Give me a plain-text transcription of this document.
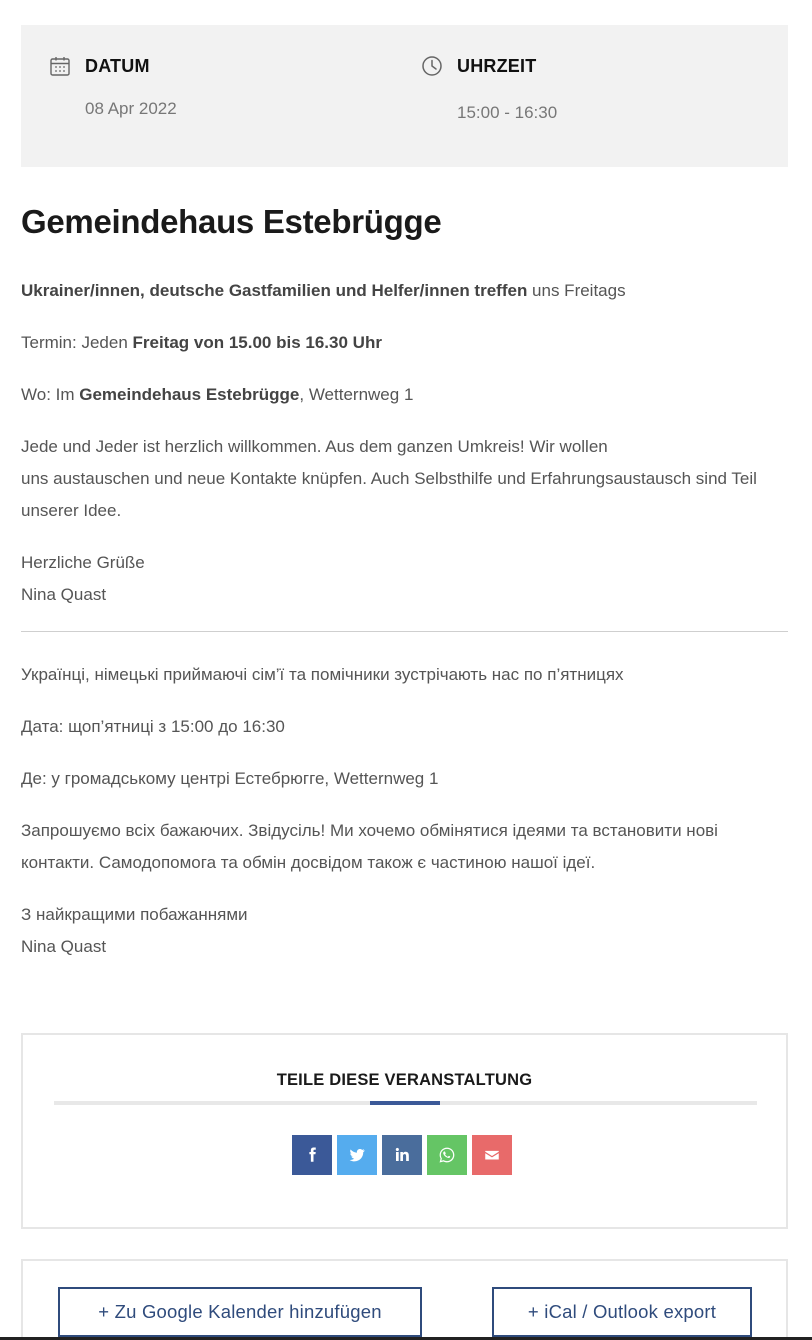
DATUM
08 Apr 2022
UHRZEIT
15:00 - 16:30
Gemeindehaus Estebrügge

Ukrainer/innen, deutsche Gastfamilien und Helfer/innen treffen uns Freitags

Termin: Jeden Freitag von 15.00 bis 16.30 Uhr

Wo: Im Gemeindehaus Estebrügge, Wetternweg 1

Jede und Jeder ist herzlich willkommen. Aus dem ganzen Umkreis! Wir wollen
uns austauschen und neue Kontakte knüpfen. Auch Selbsthilfe und Erfahrungsaustausch sind Teil unserer Idee.

Herzliche Grüße
Nina Quast

Українці, німецькі приймаючі сім’ї та помічники зустрічають нас по п’ятницях

Дата: щоп’ятниці з 15:00 до 16:30

Де: у громадському центрі Естебрюгге, Wetternweg 1

Запрошуємо всіх бажаючих. Звідусіль! Ми хочемо обмінятися ідеями та встановити нові контакти. Самодопомога та обмін досвідом також є частиною нашої ідеї.

З найкращими побажаннями
Nina Quast

TEILE DIESE VERANSTALTUNG
+ Zu Google Kalender hinzufügen	+ iCal / Outlook export
